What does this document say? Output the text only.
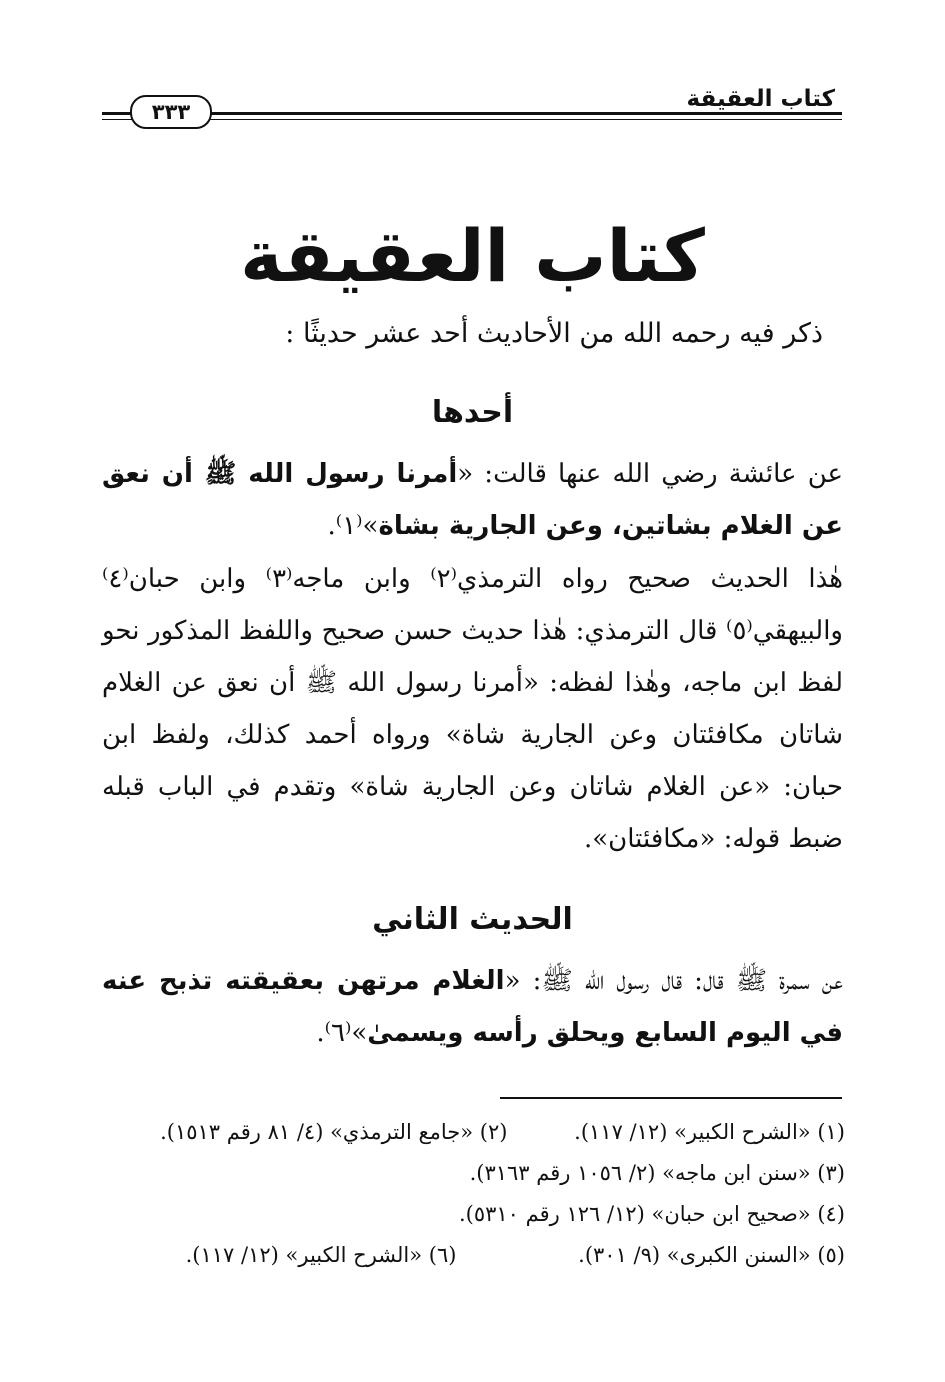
كتاب العقيقة
٣٣٣
كتاب العقيقة
ذكر فيه رحمه الله من الأحاديث أحد عشر حديثًا :
أحدها
عن عائشة رضي الله عنها قالت: «أمرنا رسول الله ﷺ أن نعق عن الغلام بشاتين، وعن الجارية بشاة»⁽١⁾.
هٰذا الحديث صحيح رواه الترمذي⁽٢⁾ وابن ماجه⁽٣⁾ وابن حبان⁽٤⁾ والبيهقي⁽٥⁾ قال الترمذي: هٰذا حديث حسن صحيح واللفظ المذكور نحو لفظ ابن ماجه، وهٰذا لفظه: «أمرنا رسول الله ﷺ أن نعق عن الغلام شاتان مكافئتان وعن الجارية شاة» ورواه أحمد كذلك، ولفظ ابن حبان: «عن الغلام شاتان وعن الجارية شاة» وتقدم في الباب قبله ضبط قوله: «مكافئتان».
الحديث الثاني
عن سمرة ﷺ قال: قال رسول الله ﷺ: «الغلام مرتهن بعقيقته تذبح عنه في اليوم السابع ويحلق رأسه ويسمىٰ»⁽٦⁾.
(١) «الشرح الكبير» (١٢/ ١١٧). (٢) «جامع الترمذي» (٤/ ٨١ رقم ١٥١٣).
(٣) «سنن ابن ماجه» (٢/ ١٠٥٦ رقم ٣١٦٣).
(٤) «صحيح ابن حبان» (١٢/ ١٢٦ رقم ٥٣١٠).
(٥) «السنن الكبرى» (٩/ ٣٠١). (٦) «الشرح الكبير» (١٢/ ١١٧).
